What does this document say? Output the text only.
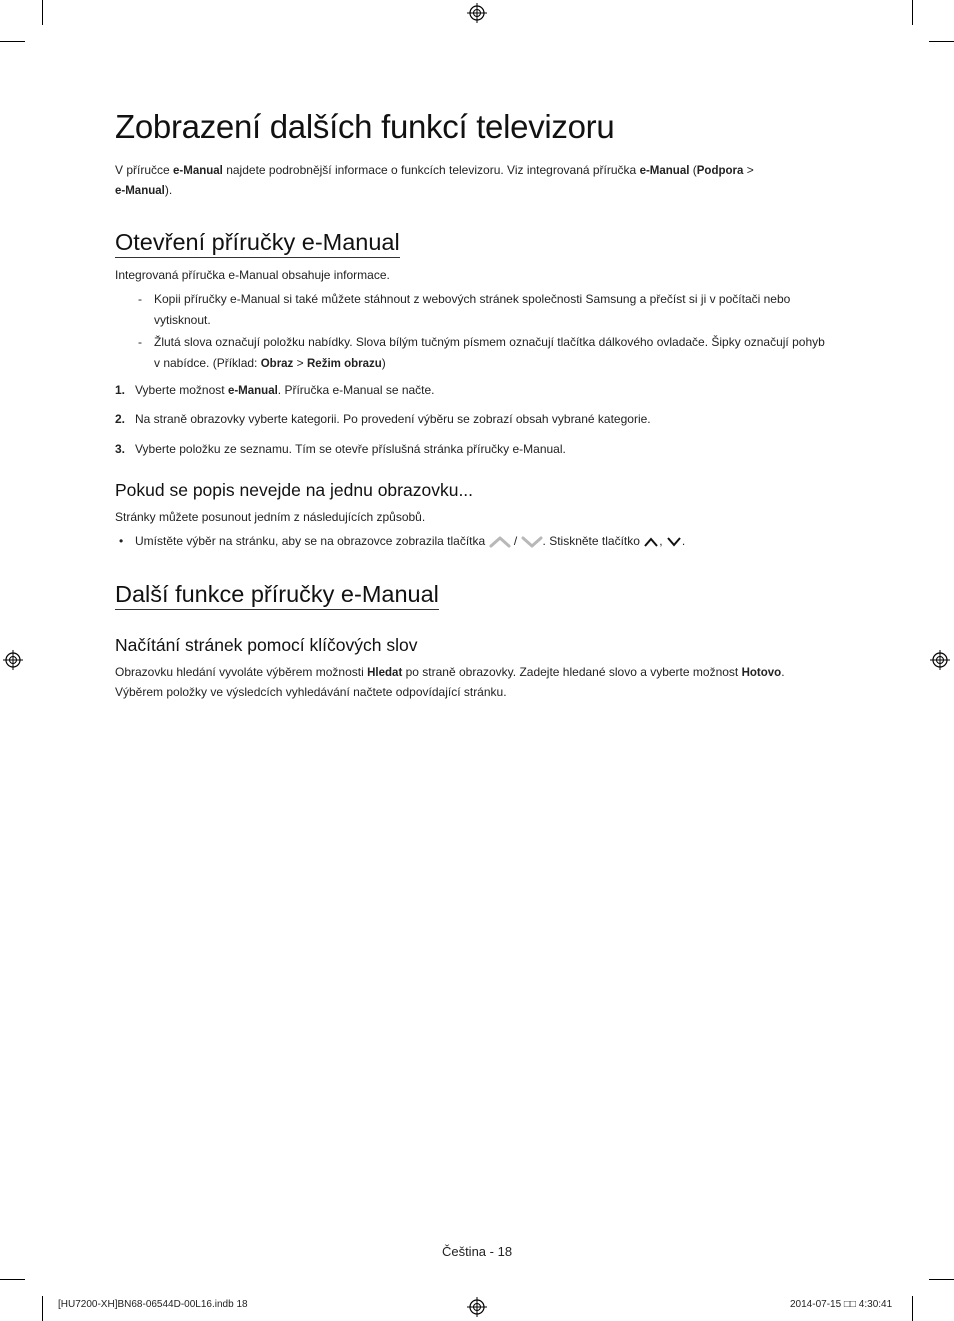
Zobrazení dalších funkcí televizoru
V příručce e-Manual najdete podrobnější informace o funkcích televizoru. Viz integrovaná příručka e-Manual (Podpora >
e-Manual).
Otevření příručky e-Manual
Integrovaná příručka e-Manual obsahuje informace.
- Kopii příručky e-Manual si také můžete stáhnout z webových stránek společnosti Samsung a přečíst si ji v počítači nebo vytisknout.
- Žlutá slova označují položku nabídky. Slova bílým tučným písmem označují tlačítka dálkového ovladače. Šipky označují pohyb v nabídce. (Příklad: Obraz > Režim obrazu)
1. Vyberte možnost e-Manual. Příručka e-Manual se načte.
2. Na straně obrazovky vyberte kategorii. Po provedení výběru se zobrazí obsah vybrané kategorie.
3. Vyberte položku ze seznamu. Tím se otevře příslušná stránka příručky e-Manual.
Pokud se popis nevejde na jednu obrazovku...
Stránky můžete posunout jedním z následujících způsobů.
• Umístěte výběr na stránku, aby se na obrazovce zobrazila tlačítka  / . Stiskněte tlačítko , .
Další funkce příručky e-Manual
Načítání stránek pomocí klíčových slov
Obrazovku hledání vyvoláte výběrem možnosti Hledat po straně obrazovky. Zadejte hledané slovo a vyberte možnost Hotovo.
Výběrem položky ve výsledcích vyhledávání načtete odpovídající stránku.
Čeština - 18
[HU7200-XH]BN68-06544D-00L16.indb 18	2014-07-15 □□ 4:30:41
